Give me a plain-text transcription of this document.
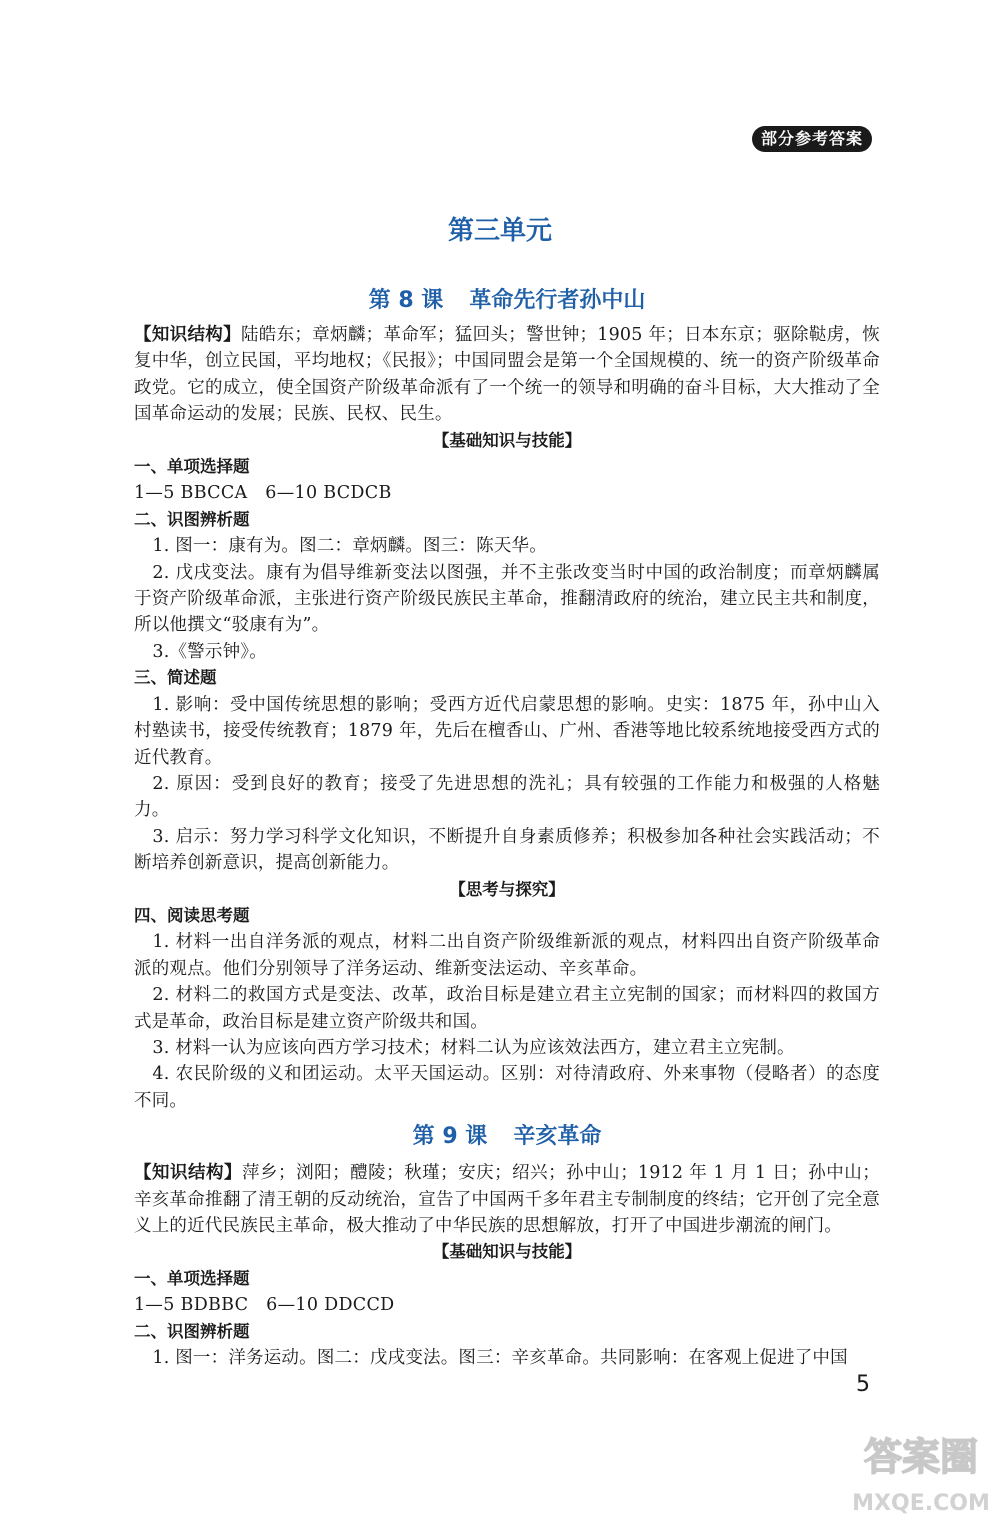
部分参考答案
第三单元
第 8 课 革命先行者孙中山

【知识结构】陆皓东；章炳麟；革命军；猛回头；警世钟；1905 年；日本东京；驱除鞑虏，恢复中华，创立民国，平均地权；《民报》；中国同盟会是第一个全国规模的、统一的资产阶级革命政党。它的成立，使全国资产阶级革命派有了一个统一的领导和明确的奋斗目标，大大推动了全国革命运动的发展；民族、民权、民生。

【基础知识与技能】

一、单项选择题

1—5 BBCCA　6—10 BCDCB

二、识图辨析题

1. 图一：康有为。图二：章炳麟。图三：陈天华。

2. 戊戌变法。康有为倡导维新变法以图强，并不主张改变当时中国的政治制度；而章炳麟属于资产阶级革命派，主张进行资产阶级民族民主革命，推翻清政府的统治，建立民主共和制度，所以他撰文“驳康有为”。

3.《警示钟》。

三、简述题

1. 影响：受中国传统思想的影响；受西方近代启蒙思想的影响。史实：1875 年，孙中山入村塾读书，接受传统教育；1879 年，先后在檀香山、广州、香港等地比较系统地接受西方式的近代教育。

2. 原因：受到良好的教育；接受了先进思想的洗礼；具有较强的工作能力和极强的人格魅力。

3. 启示：努力学习科学文化知识，不断提升自身素质修养；积极参加各种社会实践活动；不断培养创新意识，提高创新能力。

【思考与探究】

四、阅读思考题

1. 材料一出自洋务派的观点，材料二出自资产阶级维新派的观点，材料四出自资产阶级革命派的观点。他们分别领导了洋务运动、维新变法运动、辛亥革命。

2. 材料二的救国方式是变法、改革，政治目标是建立君主立宪制的国家；而材料四的救国方式是革命，政治目标是建立资产阶级共和国。

3. 材料一认为应该向西方学习技术；材料二认为应该效法西方，建立君主立宪制。

4. 农民阶级的义和团运动。太平天国运动。区别：对待清政府、外来事物（侵略者）的态度不同。

第 9 课 辛亥革命

【知识结构】萍乡；浏阳；醴陵；秋瑾；安庆；绍兴；孙中山；1912 年 1 月 1 日；孙中山；辛亥革命推翻了清王朝的反动统治，宣告了中国两千多年君主专制制度的终结；它开创了完全意义上的近代民族民主革命，极大推动了中华民族的思想解放，打开了中国进步潮流的闸门。

【基础知识与技能】

一、单项选择题

1—5 BDBBC　6—10 DDCCD

二、识图辨析题

1. 图一：洋务运动。图二：戊戌变法。图三：辛亥革命。共同影响：在客观上促进了中国

5
答案圈
MXQE.COM
